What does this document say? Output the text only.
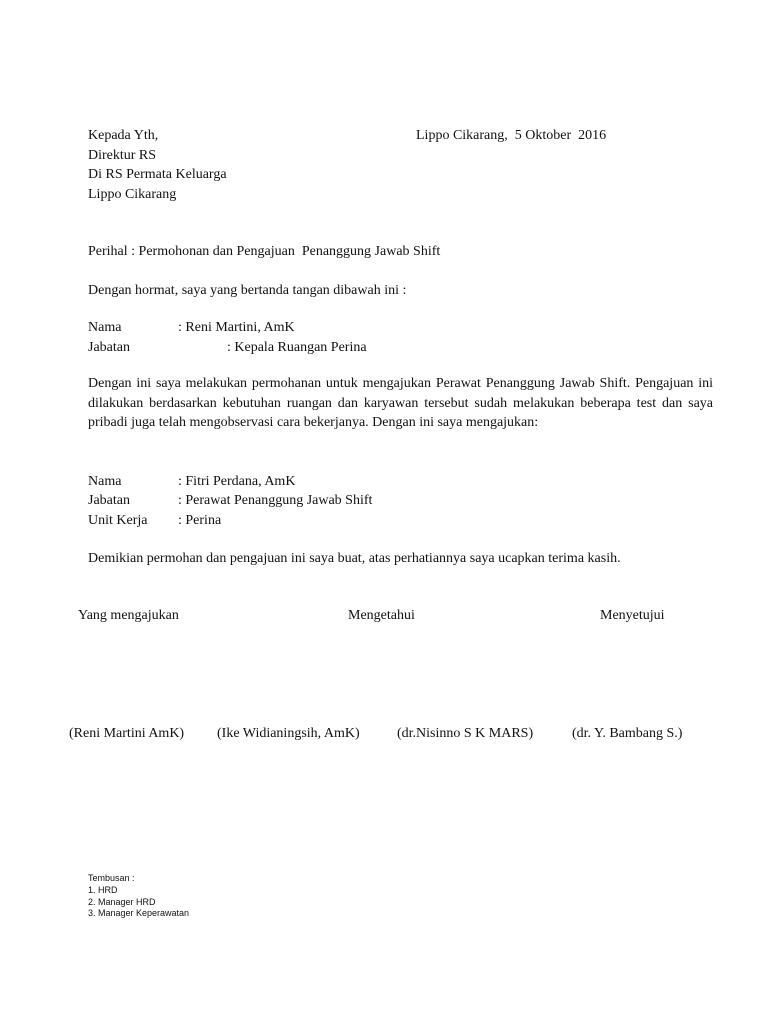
Kepada Yth,
Direktur RS
Di RS Permata Keluarga
Lippo Cikarang
Lippo Cikarang,  5 Oktober  2016
Perihal : Permohonan dan Pengajuan  Penanggung Jawab Shift
Dengan hormat, saya yang bertanda tangan dibawah ini :
Nama	: Reni Martini, AmK
Jabatan	: Kepala Ruangan Perina
Dengan ini saya melakukan permohanan untuk mengajukan Perawat Penanggung Jawab Shift. Pengajuan ini dilakukan berdasarkan kebutuhan ruangan dan karyawan tersebut sudah melakukan beberapa test dan saya pribadi juga telah mengobservasi cara bekerjanya. Dengan ini saya mengajukan:
Nama	: Fitri Perdana, AmK
Jabatan	: Perawat Penanggung Jawab Shift
Unit Kerja : Perina
Demikian permohan dan pengajuan ini saya buat, atas perhatiannya saya ucapkan terima kasih.
Yang mengajukan	Mengetahui	Menyetujui
(Reni Martini AmK) (Ike Widianingsih, AmK)	(dr.Nisinno S K MARS)	(dr. Y. Bambang S.)
Tembusan :
1. HRD
2. Manager HRD
3. Manager Keperawatan
